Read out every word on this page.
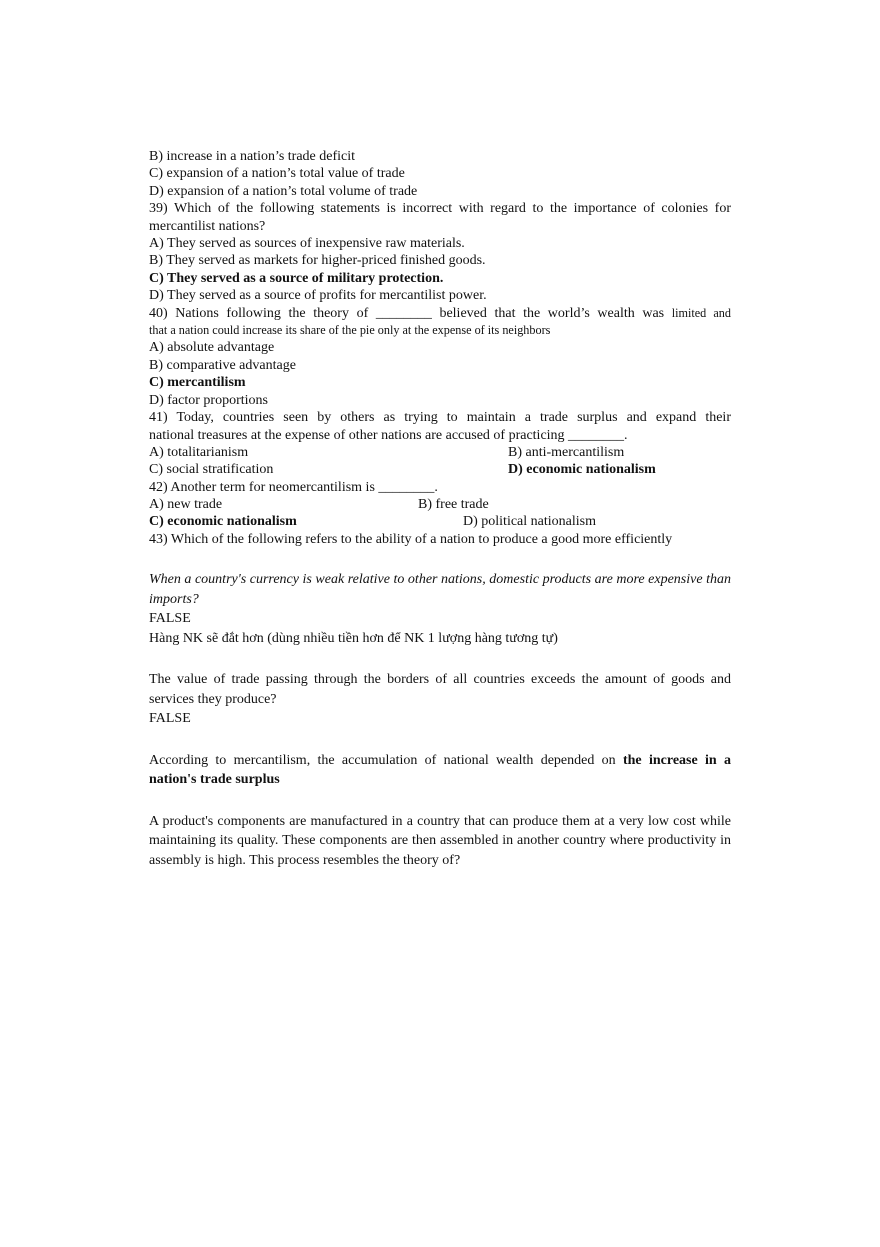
B) increase in a nation’s trade deficit
C) expansion of a nation’s total value of trade
D) expansion of a nation’s total volume of trade
39) Which of the following statements is incorrect with regard to the importance of colonies for
mercantilist nations?
A) They served as sources of inexpensive raw materials.
B) They served as markets for higher-priced finished goods.
C) They served as a source of military protection.
D) They served as a source of profits for mercantilist power.
40) Nations following the theory of ________ believed that the world’s wealth was limited and
that a nation could increase its share of the pie only at the expense of its neighbors
A) absolute advantage
B) comparative advantage
C) mercantilism
D) factor proportions
41) Today, countries seen by others as trying to maintain a trade surplus and expand their
national treasures at the expense of other nations are accused of practicing ________.
A) totalitarianism	B) anti-mercantilism
C) social stratification	D) economic nationalism
42) Another term for neomercantilism is ________.
A) new trade	B) free trade
C) economic nationalism	D) political nationalism
43) Which of the following refers to the ability of a nation to produce a good more efficiently
When a country's currency is weak relative to other nations, domestic products are more expensive than imports?
FALSE
Hàng NK sẽ đắt hơn (dùng nhiều tiền hơn để NK 1 lượng hàng tương tự)
The value of trade passing through the borders of all countries exceeds the amount of goods and services they produce?
FALSE
According to mercantilism, the accumulation of national wealth depended on the increase in a nation's trade surplus
A product's components are manufactured in a country that can produce them at a very low cost while maintaining its quality. These components are then assembled in another country where productivity in assembly is high. This process resembles the theory of?
